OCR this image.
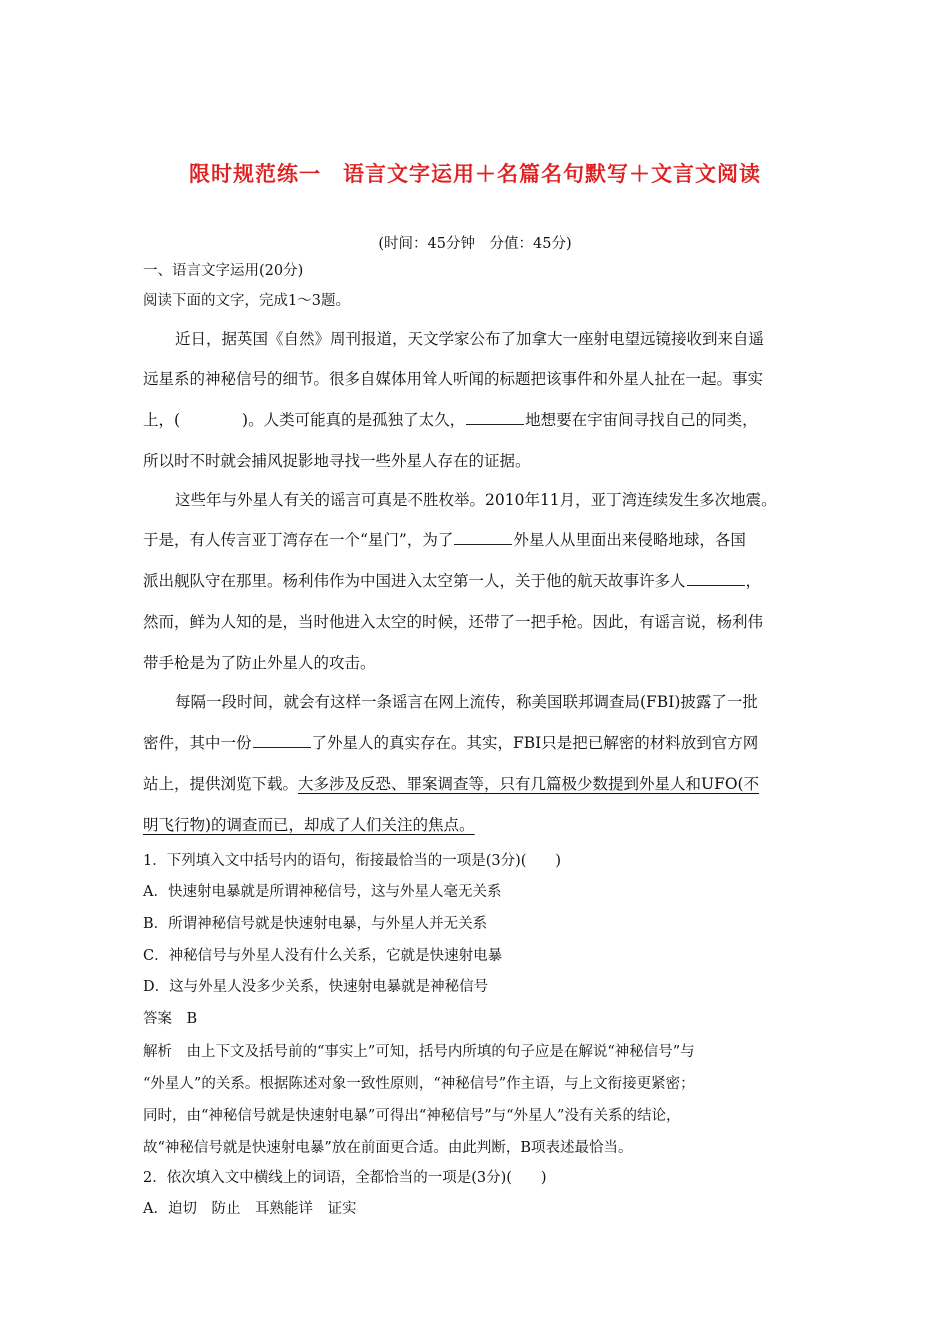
限时规范练一　语言文字运用＋名篇名句默写＋文言文阅读
(时间：45分钟　分值：45分)
一、语言文字运用(20分)
阅读下面的文字，完成1～3题。
近日，据英国《自然》周刊报道，天文学家公布了加拿大一座射电望远镜接收到来自遥
远星系的神秘信号的细节。很多自媒体用耸人听闻的标题把该事件和外星人扯在一起。事实
上，(　　　　)。人类可能真的是孤独了太久，	地想要在宇宙间寻找自己的同类，
所以时不时就会捕风捉影地寻找一些外星人存在的证据。
这些年与外星人有关的谣言可真是不胜枚举。2010年11月，亚丁湾连续发生多次地震。
于是，有人传言亚丁湾存在一个“星门”，为了	外星人从里面出来侵略地球，各国
派出舰队守在那里。杨利伟作为中国进入太空第一人，关于他的航天故事许多人	，
然而，鲜为人知的是，当时他进入太空的时候，还带了一把手枪。因此，有谣言说，杨利伟
带手枪是为了防止外星人的攻击。
每隔一段时间，就会有这样一条谣言在网上流传，称美国联邦调查局(FBI)披露了一批
密件，其中一份	了外星人的真实存在。其实，FBI只是把已解密的材料放到官方网
站上，提供浏览下载。大多涉及反恐、罪案调查等，只有几篇极少数提到外星人和UFO(不
明飞行物)的调查而已，却成了人们关注的焦点。
1．下列填入文中括号内的语句，衔接最恰当的一项是(3分)(　　)
A．快速射电暴就是所谓神秘信号，这与外星人毫无关系
B．所谓神秘信号就是快速射电暴，与外星人并无关系
C．神秘信号与外星人没有什么关系，它就是快速射电暴
D．这与外星人没多少关系，快速射电暴就是神秘信号
答案　B
解析　由上下文及括号前的“事实上”可知，括号内所填的句子应是在解说“神秘信号”与
“外星人”的关系。根据陈述对象一致性原则，“神秘信号”作主语，与上文衔接更紧密；
同时，由“神秘信号就是快速射电暴”可得出“神秘信号”与“外星人”没有关系的结论，
故“神秘信号就是快速射电暴”放在前面更合适。由此判断，B项表述最恰当。
2．依次填入文中横线上的词语，全都恰当的一项是(3分)(　　)
A．迫切　防止　耳熟能详　证实
